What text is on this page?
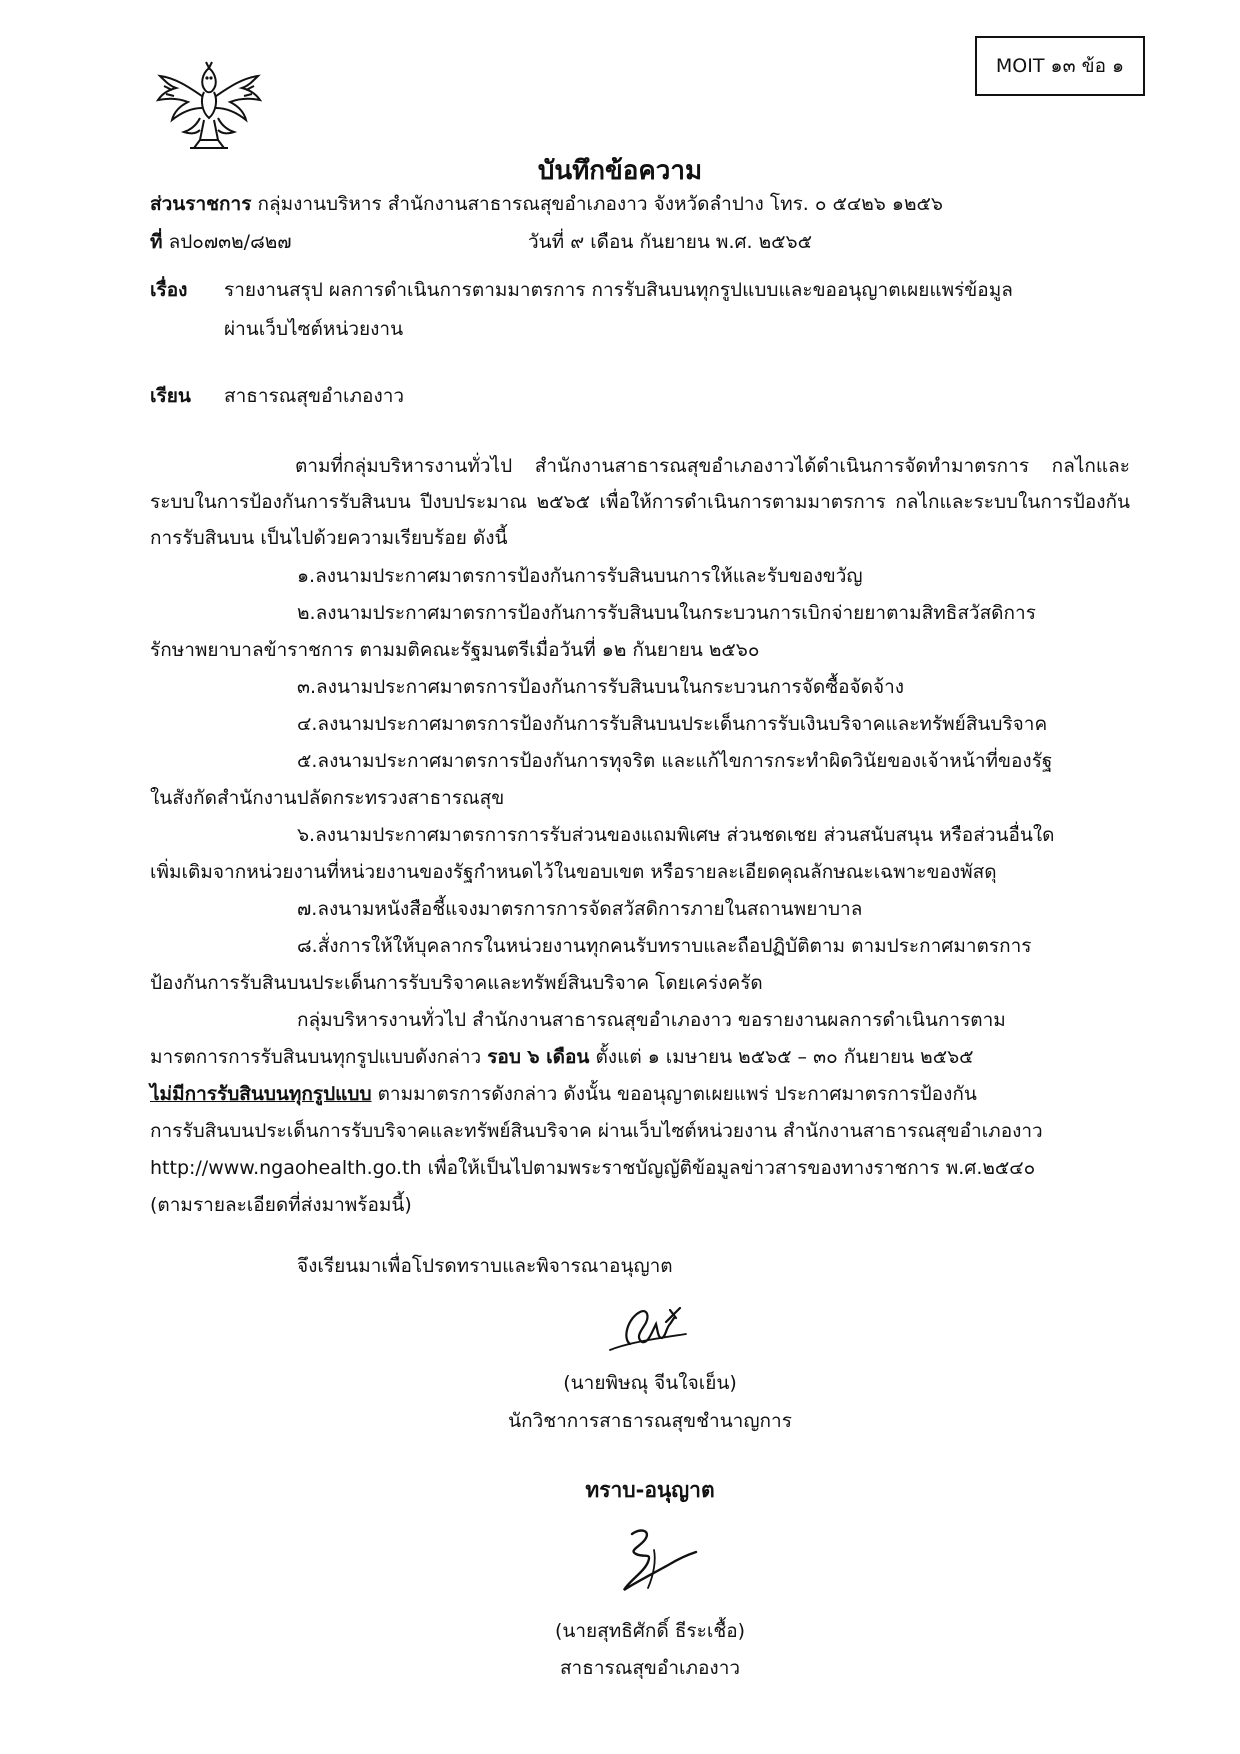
MOIT ๑๓ ข้อ ๑
บันทึกข้อความ
ส่วนราชการ กลุ่มงานบริหาร สำนักงานสาธารณสุขอำเภองาว จังหวัดลำปาง โทร. ๐ ๕๔๒๖ ๑๒๕๖
ที่ ลป๐๗๓๒/๘๒๗	วันที่ ๙ เดือน กันยายน พ.ศ. ๒๕๖๕
เรื่อง รายงานสรุป ผลการดำเนินการตามมาตรการ การรับสินบนทุกรูปแบบและขออนุญาตเผยแพร่ข้อมูล
ผ่านเว็บไซต์หน่วยงาน
เรียน สาธารณสุขอำเภองาว
ตามที่กลุ่มบริหารงานทั่วไป สำนักงานสาธารณสุขอำเภองาวได้ดำเนินการจัดทำมาตรการ กลไกและระบบในการป้องกันการรับสินบน ปีงบประมาณ ๒๕๖๕ เพื่อให้การดำเนินการตามมาตรการ กลไกและระบบในการป้องกันการรับสินบน เป็นไปด้วยความเรียบร้อย ดังนี้
๑.ลงนามประกาศมาตรการป้องกันการรับสินบนการให้และรับของขวัญ
๒.ลงนามประกาศมาตรการป้องกันการรับสินบนในกระบวนการเบิกจ่ายยาตามสิทธิสวัสดิการ
รักษาพยาบาลข้าราชการ ตามมติคณะรัฐมนตรีเมื่อวันที่ ๑๒ กันยายน ๒๕๖๐
๓.ลงนามประกาศมาตรการป้องกันการรับสินบนในกระบวนการจัดซื้อจัดจ้าง
๔.ลงนามประกาศมาตรการป้องกันการรับสินบนประเด็นการรับเงินบริจาคและทรัพย์สินบริจาค
๕.ลงนามประกาศมาตรการป้องกันการทุจริต และแก้ไขการกระทำผิดวินัยของเจ้าหน้าที่ของรัฐ
ในสังกัดสำนักงานปลัดกระทรวงสาธารณสุข
๖.ลงนามประกาศมาตรการการรับส่วนของแถมพิเศษ ส่วนชดเชย ส่วนสนับสนุน หรือส่วนอื่นใด
เพิ่มเติมจากหน่วยงานที่หน่วยงานของรัฐกำหนดไว้ในขอบเขต หรือรายละเอียดคุณลักษณะเฉพาะของพัสดุ
๗.ลงนามหนังสือชี้แจงมาตรการการจัดสวัสดิการภายในสถานพยาบาล
๘.สั่งการให้ให้บุคลากรในหน่วยงานทุกคนรับทราบและถือปฏิบัติตาม ตามประกาศมาตรการ
ป้องกันการรับสินบนประเด็นการรับบริจาคและทรัพย์สินบริจาค โดยเคร่งครัด
กลุ่มบริหารงานทั่วไป สำนักงานสาธารณสุขอำเภองาว ขอรายงานผลการดำเนินการตาม
มารตการการรับสินบนทุกรูปแบบดังกล่าว รอบ ๖ เดือน ตั้งแต่ ๑ เมษายน ๒๕๖๕ – ๓๐ กันยายน ๒๕๖๕
ไม่มีการรับสินบนทุกรูปแบบ ตามมาตรการดังกล่าว ดังนั้น ขออนุญาตเผยแพร่ ประกาศมาตรการป้องกัน
การรับสินบนประเด็นการรับบริจาคและทรัพย์สินบริจาค ผ่านเว็บไซต์หน่วยงาน สำนักงานสาธารณสุขอำเภองาว
http://www.ngaohealth.go.th เพื่อให้เป็นไปตามพระราชบัญญัติข้อมูลข่าวสารของทางราชการ พ.ศ.๒๕๔๐
(ตามรายละเอียดที่ส่งมาพร้อมนี้)
จึงเรียนมาเพื่อโปรดทราบและพิจารณาอนุญาต
(นายพิษณุ จีนใจเย็น)
นักวิชาการสาธารณสุขชำนาญการ
ทราบ-อนุญาต
(นายสุทธิศักดิ์ ธีระเชื้อ)
สาธารณสุขอำเภองาว
